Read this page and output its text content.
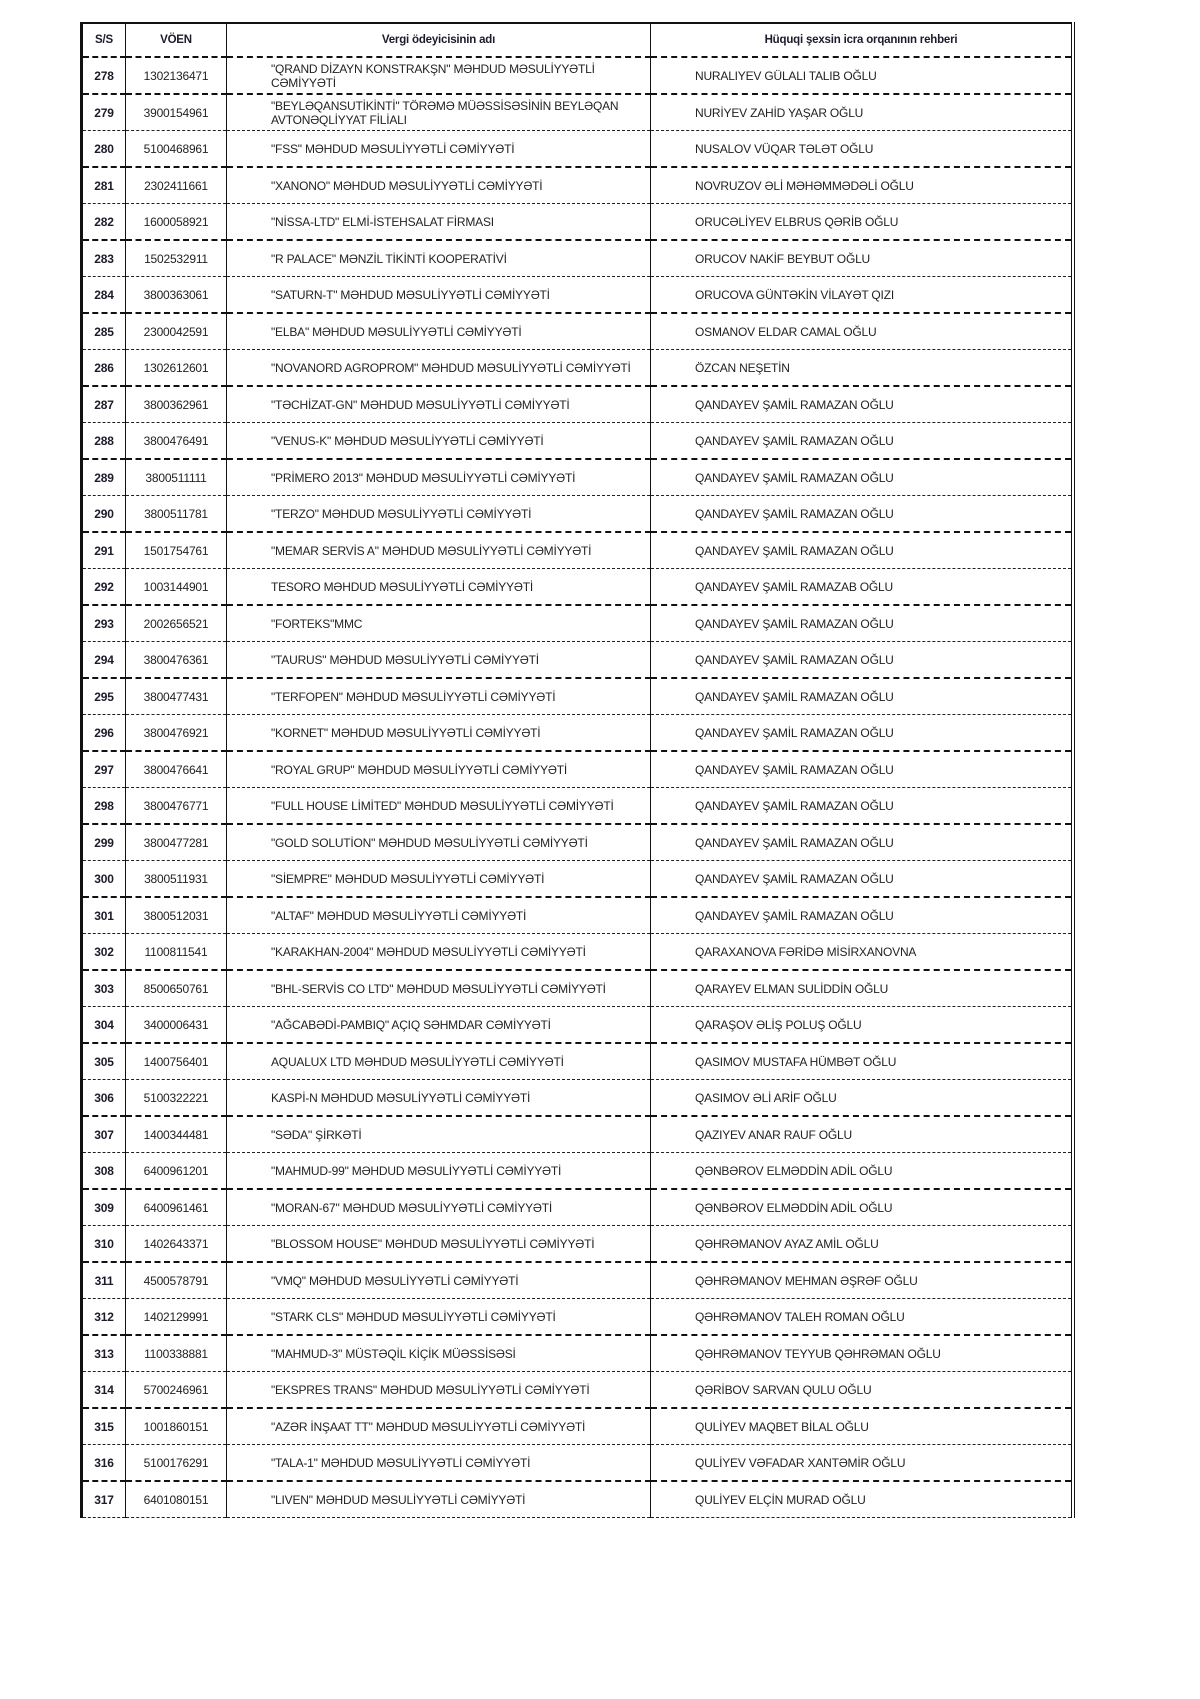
S/S	VÖEN	Vergi ödeyicisinin adı	Hüquqi şexsin icra orqanının rehberi
278	1302136471	"QRAND DİZAYN KONSTRAKŞN" MƏHDUD MƏSULİYYƏTLİ CƏMİYYƏTİ	NURALIYEV GÜLALI TALIB OĞLU
279	3900154961	"BEYLƏQANSUTİKİNTİ" TÖRƏMƏ MÜƏSSİSƏSİNİN BEYLƏQAN AVTONƏQLİYYAT FİLİALI	NURİYEV ZAHİD YAŞAR OĞLU
280	5100468961	"FSS" MƏHDUD MƏSULİYYƏTLİ CƏMİYYƏTİ	NUSALOV VÜQAR TƏLƏT OĞLU
281	2302411661	"XANONO" MƏHDUD MƏSULİYYƏTLİ CƏMİYYƏTİ	NOVRUZOV ƏLİ MƏHƏMMƏDƏLİ OĞLU
282	1600058921	"NİSSA-LTD" ELMİ-İSTEHSALAT FİRMASI	ORUCƏLİYEV ELBRUS QƏRİB OĞLU
283	1502532911	"R PALACE" MƏNZİL TİKİNTİ KOOPERATİVİ	ORUCOV NAKİF BEYBUT OĞLU
284	3800363061	"SATURN-T" MƏHDUD MƏSULİYYƏTLİ CƏMİYYƏTİ	ORUCOVA GÜNTƏKİN VİLAYƏT QIZI
285	2300042591	"ELBA" MƏHDUD MƏSULİYYƏTLİ CƏMİYYƏTİ	OSMANOV ELDAR CAMAL OĞLU
286	1302612601	"NOVANORD AGROPROM" MƏHDUD MƏSULİYYƏTLİ CƏMİYYƏTİ	ÖZCAN NEŞETİN
287	3800362961	"TƏCHİZAT-GN" MƏHDUD MƏSULİYYƏTLİ CƏMİYYƏTİ	QANDAYEV ŞAMİL RAMAZAN OĞLU
288	3800476491	"VENUS-K" MƏHDUD MƏSULİYYƏTLİ CƏMİYYƏTİ	QANDAYEV ŞAMİL RAMAZAN OĞLU
289	3800511111	"PRİMERO 2013" MƏHDUD MƏSULİYYƏTLİ CƏMİYYƏTİ	QANDAYEV ŞAMİL RAMAZAN OĞLU
290	3800511781	"TERZO" MƏHDUD MƏSULİYYƏTLİ CƏMİYYƏTİ	QANDAYEV ŞAMİL RAMAZAN OĞLU
291	1501754761	"MEMAR SERVİS A" MƏHDUD MƏSULİYYƏTLİ CƏMİYYƏTİ	QANDAYEV ŞAMİL RAMAZAN OĞLU
292	1003144901	TESORO MƏHDUD MƏSULİYYƏTLİ CƏMİYYƏTİ	QANDAYEV ŞAMİL RAMAZAB OĞLU
293	2002656521	"FORTEKS"MMC	QANDAYEV ŞAMİL RAMAZAN OĞLU
294	3800476361	"TAURUS" MƏHDUD MƏSULİYYƏTLİ CƏMİYYƏTİ	QANDAYEV ŞAMİL RAMAZAN OĞLU
295	3800477431	"TERFOPEN" MƏHDUD MƏSULİYYƏTLİ CƏMİYYƏTİ	QANDAYEV ŞAMİL RAMAZAN OĞLU
296	3800476921	"KORNET" MƏHDUD MƏSULİYYƏTLİ CƏMİYYƏTİ	QANDAYEV ŞAMİL RAMAZAN OĞLU
297	3800476641	"ROYAL GRUP" MƏHDUD MƏSULİYYƏTLİ CƏMİYYƏTİ	QANDAYEV ŞAMİL RAMAZAN OĞLU
298	3800476771	"FULL HOUSE LİMİTED" MƏHDUD MƏSULİYYƏTLİ CƏMİYYƏTİ	QANDAYEV ŞAMİL RAMAZAN OĞLU
299	3800477281	"GOLD SOLUTİON" MƏHDUD MƏSULİYYƏTLİ CƏMİYYƏTİ	QANDAYEV ŞAMİL RAMAZAN OĞLU
300	3800511931	"SİEMPRE" MƏHDUD MƏSULİYYƏTLİ CƏMİYYƏTİ	QANDAYEV ŞAMİL RAMAZAN OĞLU
301	3800512031	"ALTAF" MƏHDUD MƏSULİYYƏTLİ CƏMİYYƏTİ	QANDAYEV ŞAMİL RAMAZAN OĞLU
302	1100811541	"KARAKHAN-2004" MƏHDUD MƏSULİYYƏTLİ CƏMİYYƏTİ	QARAXANOVA FƏRİDƏ MİSİRXANOVNA
303	8500650761	"BHL-SERVİS CO LTD" MƏHDUD MƏSULİYYƏTLİ CƏMİYYƏTİ	QARAYEV ELMAN SULİDDİN OĞLU
304	3400006431	"AĞCABƏDİ-PAMBIQ" AÇIQ SƏHMDAR CƏMİYYƏTİ	QARAŞOV ƏLİŞ POLUŞ OĞLU
305	1400756401	AQUALUX LTD MƏHDUD MƏSULİYYƏTLİ CƏMİYYƏTİ	QASIMOV MUSTAFA HÜMBƏT OĞLU
306	5100322221	KASPİ-N MƏHDUD MƏSULİYYƏTLİ CƏMİYYƏTİ	QASIMOV ƏLİ ARİF OĞLU
307	1400344481	"SƏDA" ŞİRKƏTİ	QAZIYEV ANAR RAUF OĞLU
308	6400961201	"MAHMUD-99" MƏHDUD MƏSULİYYƏTLİ CƏMİYYƏTİ	QƏNBƏROV ELMƏDDİN ADİL OĞLU
309	6400961461	"MORAN-67" MƏHDUD MƏSULİYYƏTLİ CƏMİYYƏTİ	QƏNBƏROV ELMƏDDİN ADİL OĞLU
310	1402643371	"BLOSSOM HOUSE" MƏHDUD MƏSULİYYƏTLİ CƏMİYYƏTİ	QƏHRƏMANOV AYAZ AMİL OĞLU
311	4500578791	"VMQ" MƏHDUD MƏSULİYYƏTLİ CƏMİYYƏTİ	QƏHRƏMANOV MEHMAN ƏŞRƏF OĞLU
312	1402129991	"STARK CLS" MƏHDUD MƏSULİYYƏTLİ CƏMİYYƏTİ	QƏHRƏMANOV TALEH ROMAN OĞLU
313	1100338881	"MAHMUD-3" MÜSTƏQİL KİÇİK MÜƏSSİSƏSİ	QƏHRƏMANOV TEYYUB QƏHRƏMAN OĞLU
314	5700246961	"EKSPRES TRANS" MƏHDUD MƏSULİYYƏTLİ CƏMİYYƏTİ	QƏRİBOV SARVAN QULU OĞLU
315	1001860151	"AZƏR İNŞAAT TT" MƏHDUD MƏSULİYYƏTLİ CƏMİYYƏTİ	QULİYEV MAQBET BİLAL OĞLU
316	5100176291	"TALA-1" MƏHDUD MƏSULİYYƏTLİ CƏMİYYƏTİ	QULİYEV VƏFADAR XANTƏMİR OĞLU
317	6401080151	"LIVEN" MƏHDUD MƏSULİYYƏTLİ CƏMİYYƏTİ	QULİYEV ELÇİN MURAD OĞLU
